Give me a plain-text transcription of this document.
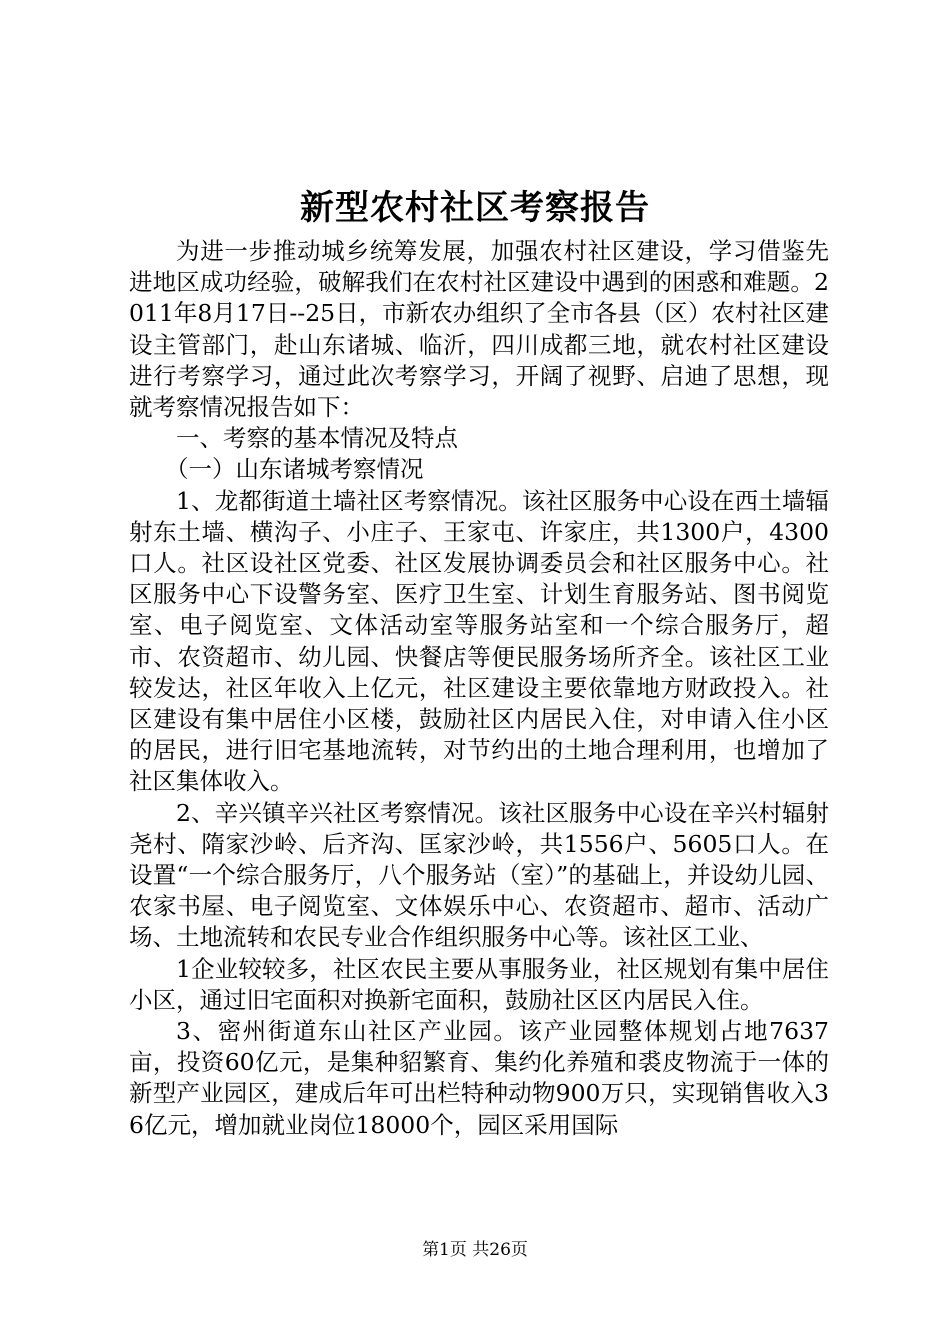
新型农村社区考察报告

为进一步推动城乡统筹发展，加强农村社区建设，学习借鉴先进地区成功经验，破解我们在农村社区建设中遇到的困惑和难题。2011年8月17日--25日，市新农办组织了全市各县（区）农村社区建设主管部门，赴山东诸城、临沂，四川成都三地，就农村社区建设进行考察学习，通过此次考察学习，开阔了视野、启迪了思想，现就考察情况报告如下：

一、考察的基本情况及特点

（一）山东诸城考察情况

1、龙都街道土墙社区考察情况。该社区服务中心设在西土墙辐射东土墙、横沟子、小庄子、王家屯、许家庄，共1300户，4300口人。社区设社区党委、社区发展协调委员会和社区服务中心。社区服务中心下设警务室、医疗卫生室、计划生育服务站、图书阅览室、电子阅览室、文体活动室等服务站室和一个综合服务厅，超市、农资超市、幼儿园、快餐店等便民服务场所齐全。该社区工业较发达，社区年收入上亿元，社区建设主要依靠地方财政投入。社区建设有集中居住小区楼，鼓励社区内居民入住，对申请入住小区的居民，进行旧宅基地流转，对节约出的土地合理利用，也增加了社区集体收入。

2、辛兴镇辛兴社区考察情况。该社区服务中心设在辛兴村辐射尧村、隋家沙岭、后齐沟、匡家沙岭，共1556户、5605口人。在设置“一个综合服务厅，八个服务站（室）”的基础上，并设幼儿园、农家书屋、电子阅览室、文体娱乐中心、农资超市、超市、活动广场、土地流转和农民专业合作组织服务中心等。该社区工业、

1企业较较多，社区农民主要从事服务业，社区规划有集中居住小区，通过旧宅面积对换新宅面积，鼓励社区区内居民入住。

3、密州街道东山社区产业园。该产业园整体规划占地7637亩，投资60亿元，是集种貂繁育、集约化养殖和裘皮物流于一体的新型产业园区，建成后年可出栏特种动物900万只，实现销售收入36亿元，增加就业岗位18000个，园区采用国际

第1页 共26页
